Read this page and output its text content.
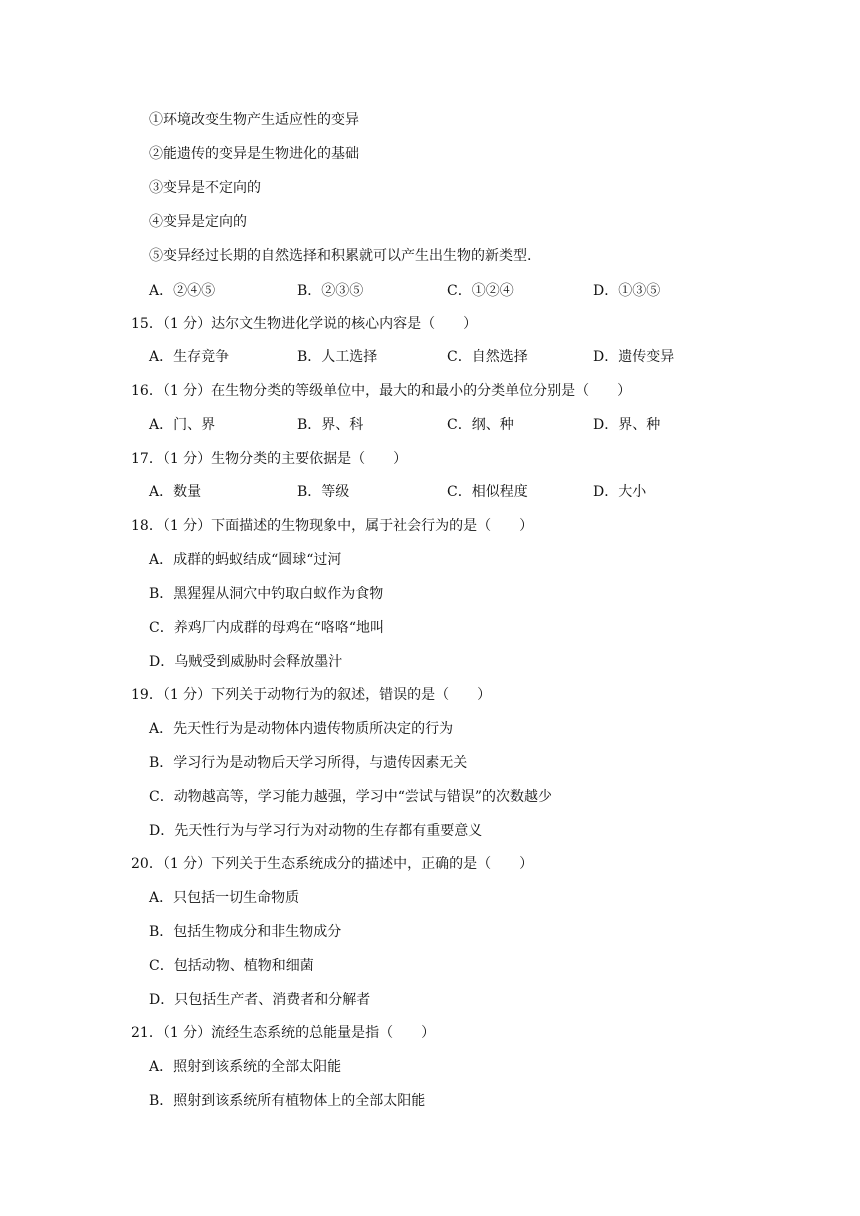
①环境改变生物产生适应性的变异
②能遗传的变异是生物进化的基础
③变异是不定向的
④变异是定向的
⑤变异经过长期的自然选择和积累就可以产生出生物的新类型.
A．②④⑤	B．②③⑤	C．①②④	D．①③⑤
15．（1 分）达尔文生物进化学说的核心内容是（　　）
A．生存竞争	B．人工选择	C．自然选择	D．遗传变异
16．（1 分）在生物分类的等级单位中，最大的和最小的分类单位分别是（　　）
A．门、界	B．界、科	C．纲、种	D．界、种
17．（1 分）生物分类的主要依据是（　　）
A．数量	B．等级	C．相似程度	D．大小
18．（1 分）下面描述的生物现象中，属于社会行为的是（　　）
A．成群的蚂蚁结成“圆球“过河
B．黑猩猩从洞穴中钓取白蚁作为食物
C．养鸡厂内成群的母鸡在“咯咯“地叫
D．乌贼受到威胁时会释放墨汁
19．（1 分）下列关于动物行为的叙述，错误的是（　　）
A．先天性行为是动物体内遗传物质所决定的行为
B．学习行为是动物后天学习所得，与遗传因素无关
C．动物越高等，学习能力越强，学习中“尝试与错误”的次数越少
D．先天性行为与学习行为对动物的生存都有重要意义
20．（1 分）下列关于生态系统成分的描述中，正确的是（　　）
A．只包括一切生命物质
B．包括生物成分和非生物成分
C．包括动物、植物和细菌
D．只包括生产者、消费者和分解者
21．（1 分）流经生态系统的总能量是指（　　）
A．照射到该系统的全部太阳能
B．照射到该系统所有植物体上的全部太阳能
